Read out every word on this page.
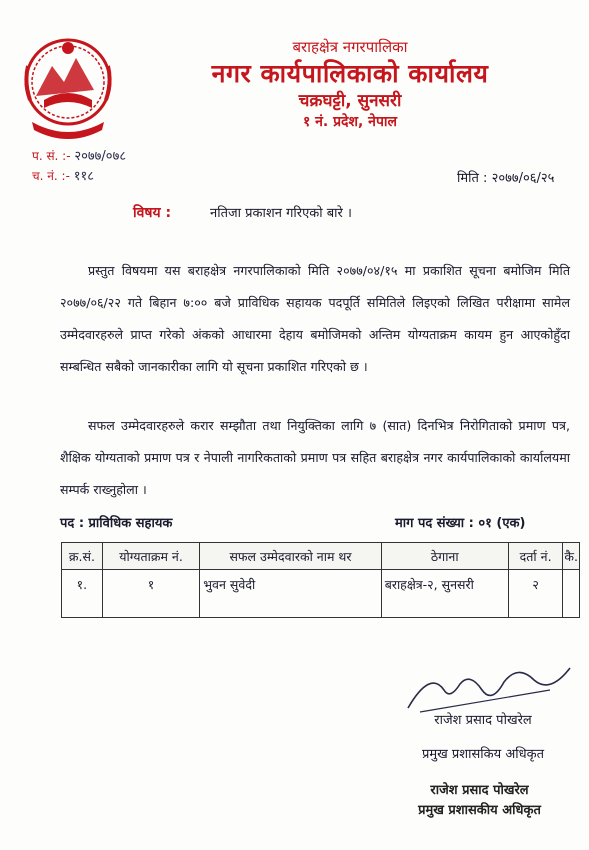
बराहक्षेत्र नगरपालिका
नगर कार्यपालिकाको कार्यालय
चक्रघट्टी, सुनसरी
१ नं. प्रदेश, नेपाल
प. सं. :- २०७७/०७८
च. नं. :- ११८	मिति : २०७७/०६/२५
विषय :	नतिजा प्रकाशन गरिएको बारे ।

प्रस्तुत विषयमा यस बराहक्षेत्र नगरपालिकाको मिति २०७७/०४/१५ मा प्रकाशित सूचना बमोजिम मिति २०७७/०६/२२ गते बिहान ७:०० बजे प्राविधिक सहायक पदपूर्ति समितिले लिइएको लिखित परीक्षामा सामेल उम्मेदवारहरुले प्राप्त गरेको अंकको आधारमा देहाय बमोजिमको अन्तिम योग्यताक्रम कायम हुन आएकोहुँदा सम्बन्धित सबैको जानकारीका लागि यो सूचना प्रकाशित गरिएको छ ।

सफल उम्मेदवारहरुले करार सम्झौता तथा नियुक्तिका लागि ७ (सात) दिनभित्र निरोगिताको प्रमाण पत्र, शैक्षिक योग्यताको प्रमाण पत्र र नेपाली नागरिकताको प्रमाण पत्र सहित बराहक्षेत्र नगर कार्यपालिकाको कार्यालयमा सम्पर्क राख्नुहोला ।

पद : प्राविधिक सहायक	माग पद संख्या : ०१ (एक)
क्र.सं.	योग्यताक्रम नं.	सफल उम्मेदवारको नाम थर	ठेगाना	दर्ता नं.	कै.
१.	१	भुवन सुवेदी	बराहक्षेत्र-२, सुनसरी	२	
राजेश प्रसाद पोखरेल
प्रमुख प्रशासकिय अधिकृत
राजेश प्रसाद पोखरेल
प्रमुख प्रशासकीय अधिकृत
